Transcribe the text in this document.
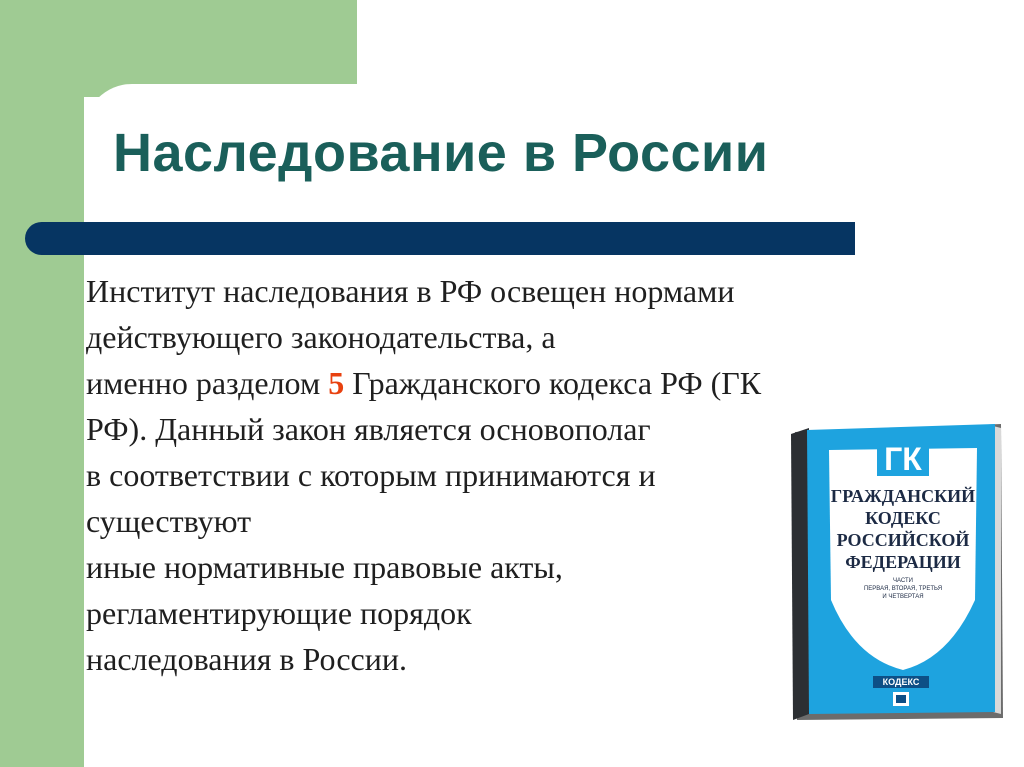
Наследование в России
Институт наследования в РФ освещен нормами
действующего законодательства, а
именно разделом 5 Гражданского кодекса РФ (ГК
РФ). Данный закон является основополаг
в соответствии с которым принимаются и
существуют
иные нормативные правовые акты,
регламентирующие порядок
наследования в России.
ГК
ГРАЖДАНСКИЙ
КОДЕКС
РОССИЙСКОЙ
ФЕДЕРАЦИИ
ЧАСТИ
ПЕРВАЯ, ВТОРАЯ, ТРЕТЬЯ
И ЧЕТВЕРТАЯ
КОДЕКС
